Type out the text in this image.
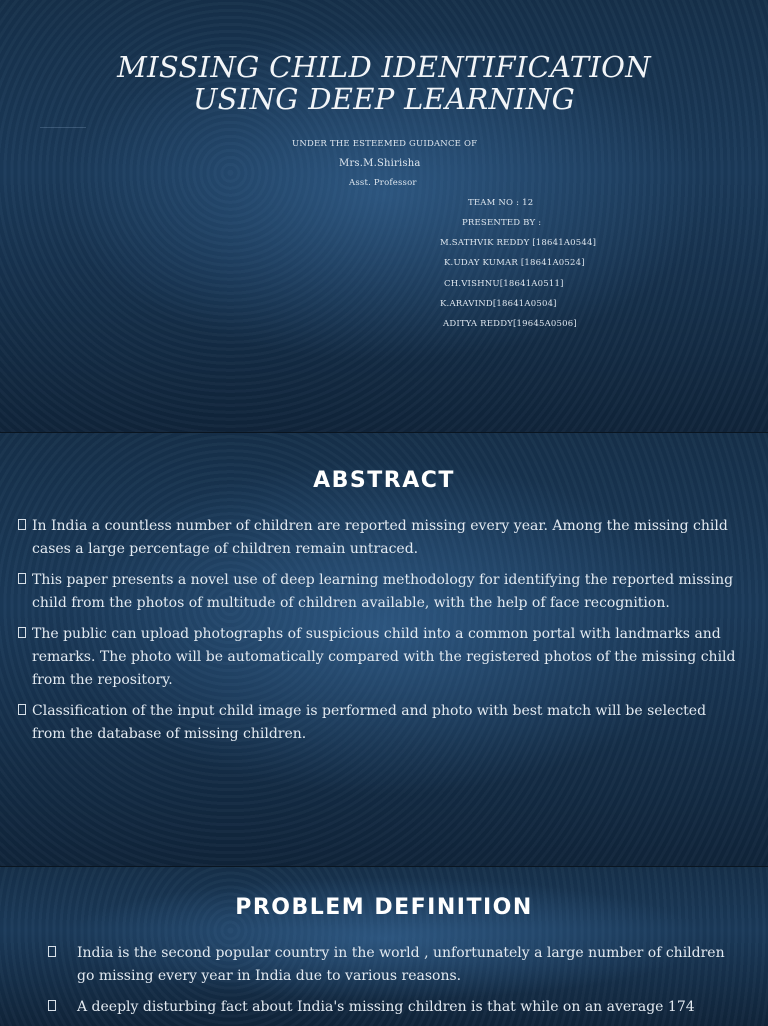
MISSING CHILD IDENTIFICATION
USING DEEP LEARNING
UNDER THE ESTEEMED GUIDANCE OF
Mrs.M.Shirisha
Asst. Professor
TEAM NO : 12
PRESENTED BY :
M.SATHVIK REDDY [18641A0544]
K.UDAY KUMAR [18641A0524]
CH.VISHNU[18641A0511]
K.ARAVIND[18641A0504]
ADITYA REDDY[19645A0506]
ABSTRACT
In India a countless number of children are reported missing every year. Among the missing child cases a large percentage of children remain untraced.
This paper presents a novel use of deep learning methodology for identifying the reported missing child from the photos of multitude of children available, with the help of face recognition.
The public can upload photographs of suspicious child into a common portal with landmarks and remarks. The photo will be automatically compared with the registered photos of the missing child from the repository.
Classification of the input child image is performed and photo with best match will be selected from the database of missing children.
PROBLEM DEFINITION
India is the second popular country in the world , unfortunately a large number of children go missing every year in India due to various reasons.
A deeply disturbing fact about India's missing children is that while on an average 174
